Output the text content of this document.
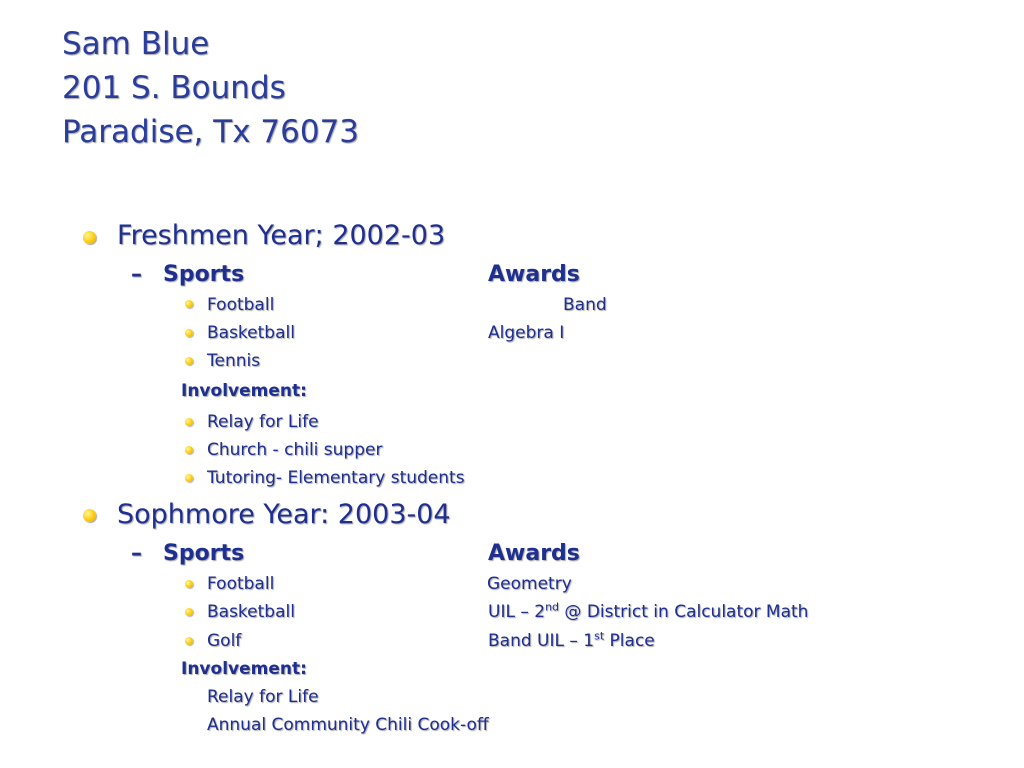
Sam Blue
201 S. Bounds
Paradise, Tx 76073
Freshmen Year; 2002-03
– Sports	Awards
Football	Band
Basketball	Algebra I
Tennis
Involvement:
Relay for Life
Church - chili supper
Tutoring- Elementary students
Sophmore Year: 2003-04
– Sports	Awards
Football	Geometry
Basketball	UIL – 2nd @ District in Calculator Math
Golf	Band UIL – 1st Place
Involvement:
Relay for Life
Annual Community Chili Cook-off
